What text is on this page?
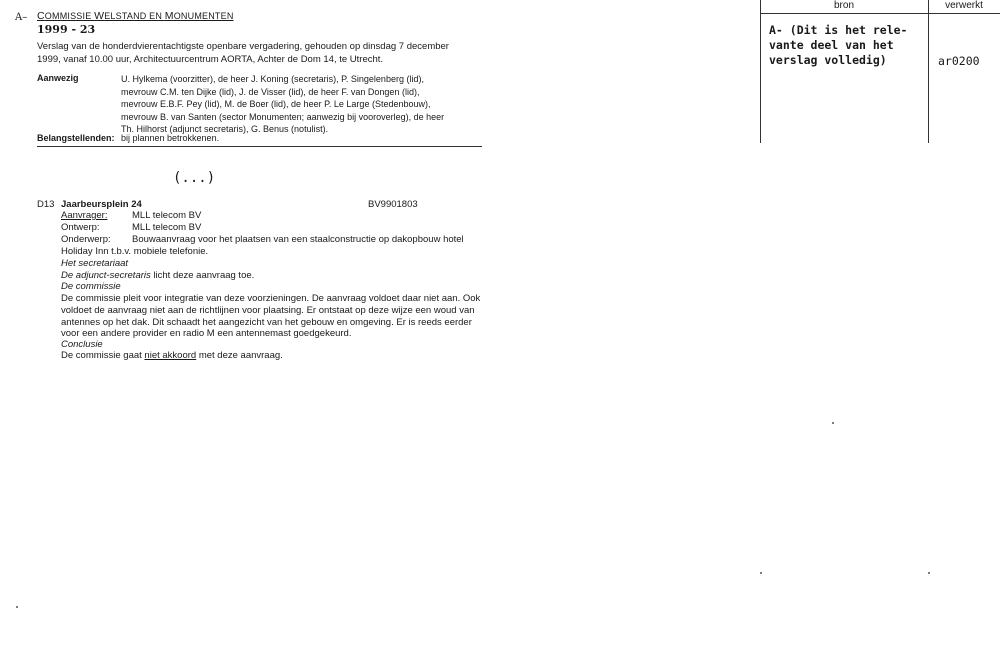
A– COMMISSIE WELSTAND EN MONUMENTEN
1999 - 23
Verslag van de honderdvierentachtigste openbare vergadering, gehouden op dinsdag 7 december
1999, vanaf 10.00 uur, Architectuurcentrum AORTA, Achter de Dom 14, te Utrecht.
Aanwezig	U. Hylkema (voorzitter), de heer J. Koning (secretaris), P. Singelenberg (lid),
mevrouw C.M. ten Dijke (lid), J. de Visser (lid), de heer F. van Dongen (lid),
mevrouw E.B.F. Pey (lid), M. de Boer (lid), de heer P. Le Large (Stedenbouw),
mevrouw B. van Santen (sector Monumenten; aanwezig bij vooroverleg), de heer
Th. Hilhorst (adjunct secretaris), G. Benus (notulist).
Belangstellenden: bij plannen betrokkenen.
(...)
D13 Jaarbeursplein 24	BV9901803
Aanvrager:	MLL telecom BV
Ontwerp:	MLL telecom BV
Onderwerp: Bouwaanvraag voor het plaatsen van een staalconstructie op dakopbouw hotel
Holiday Inn t.b.v. mobiele telefonie.
Het secretariaat
De adjunct-secretaris licht deze aanvraag toe.
De commissie
De commissie pleit voor integratie van deze voorzieningen. De aanvraag voldoet daar niet aan. Ook
voldoet de aanvraag niet aan de richtlijnen voor plaatsing. Er ontstaat op deze wijze een woud van
antennes op het dak. Dit schaadt het aangezicht van het gebouw en omgeving. Er is reeds eerder
voor een andere provider en radio M een antennemast goedgekeurd.
Conclusie
De commissie gaat niet akkoord met deze aanvraag.
bron	verwerkt
A- (Dit is het rele-
vante deel van het
verslag volledig)	ar0200
